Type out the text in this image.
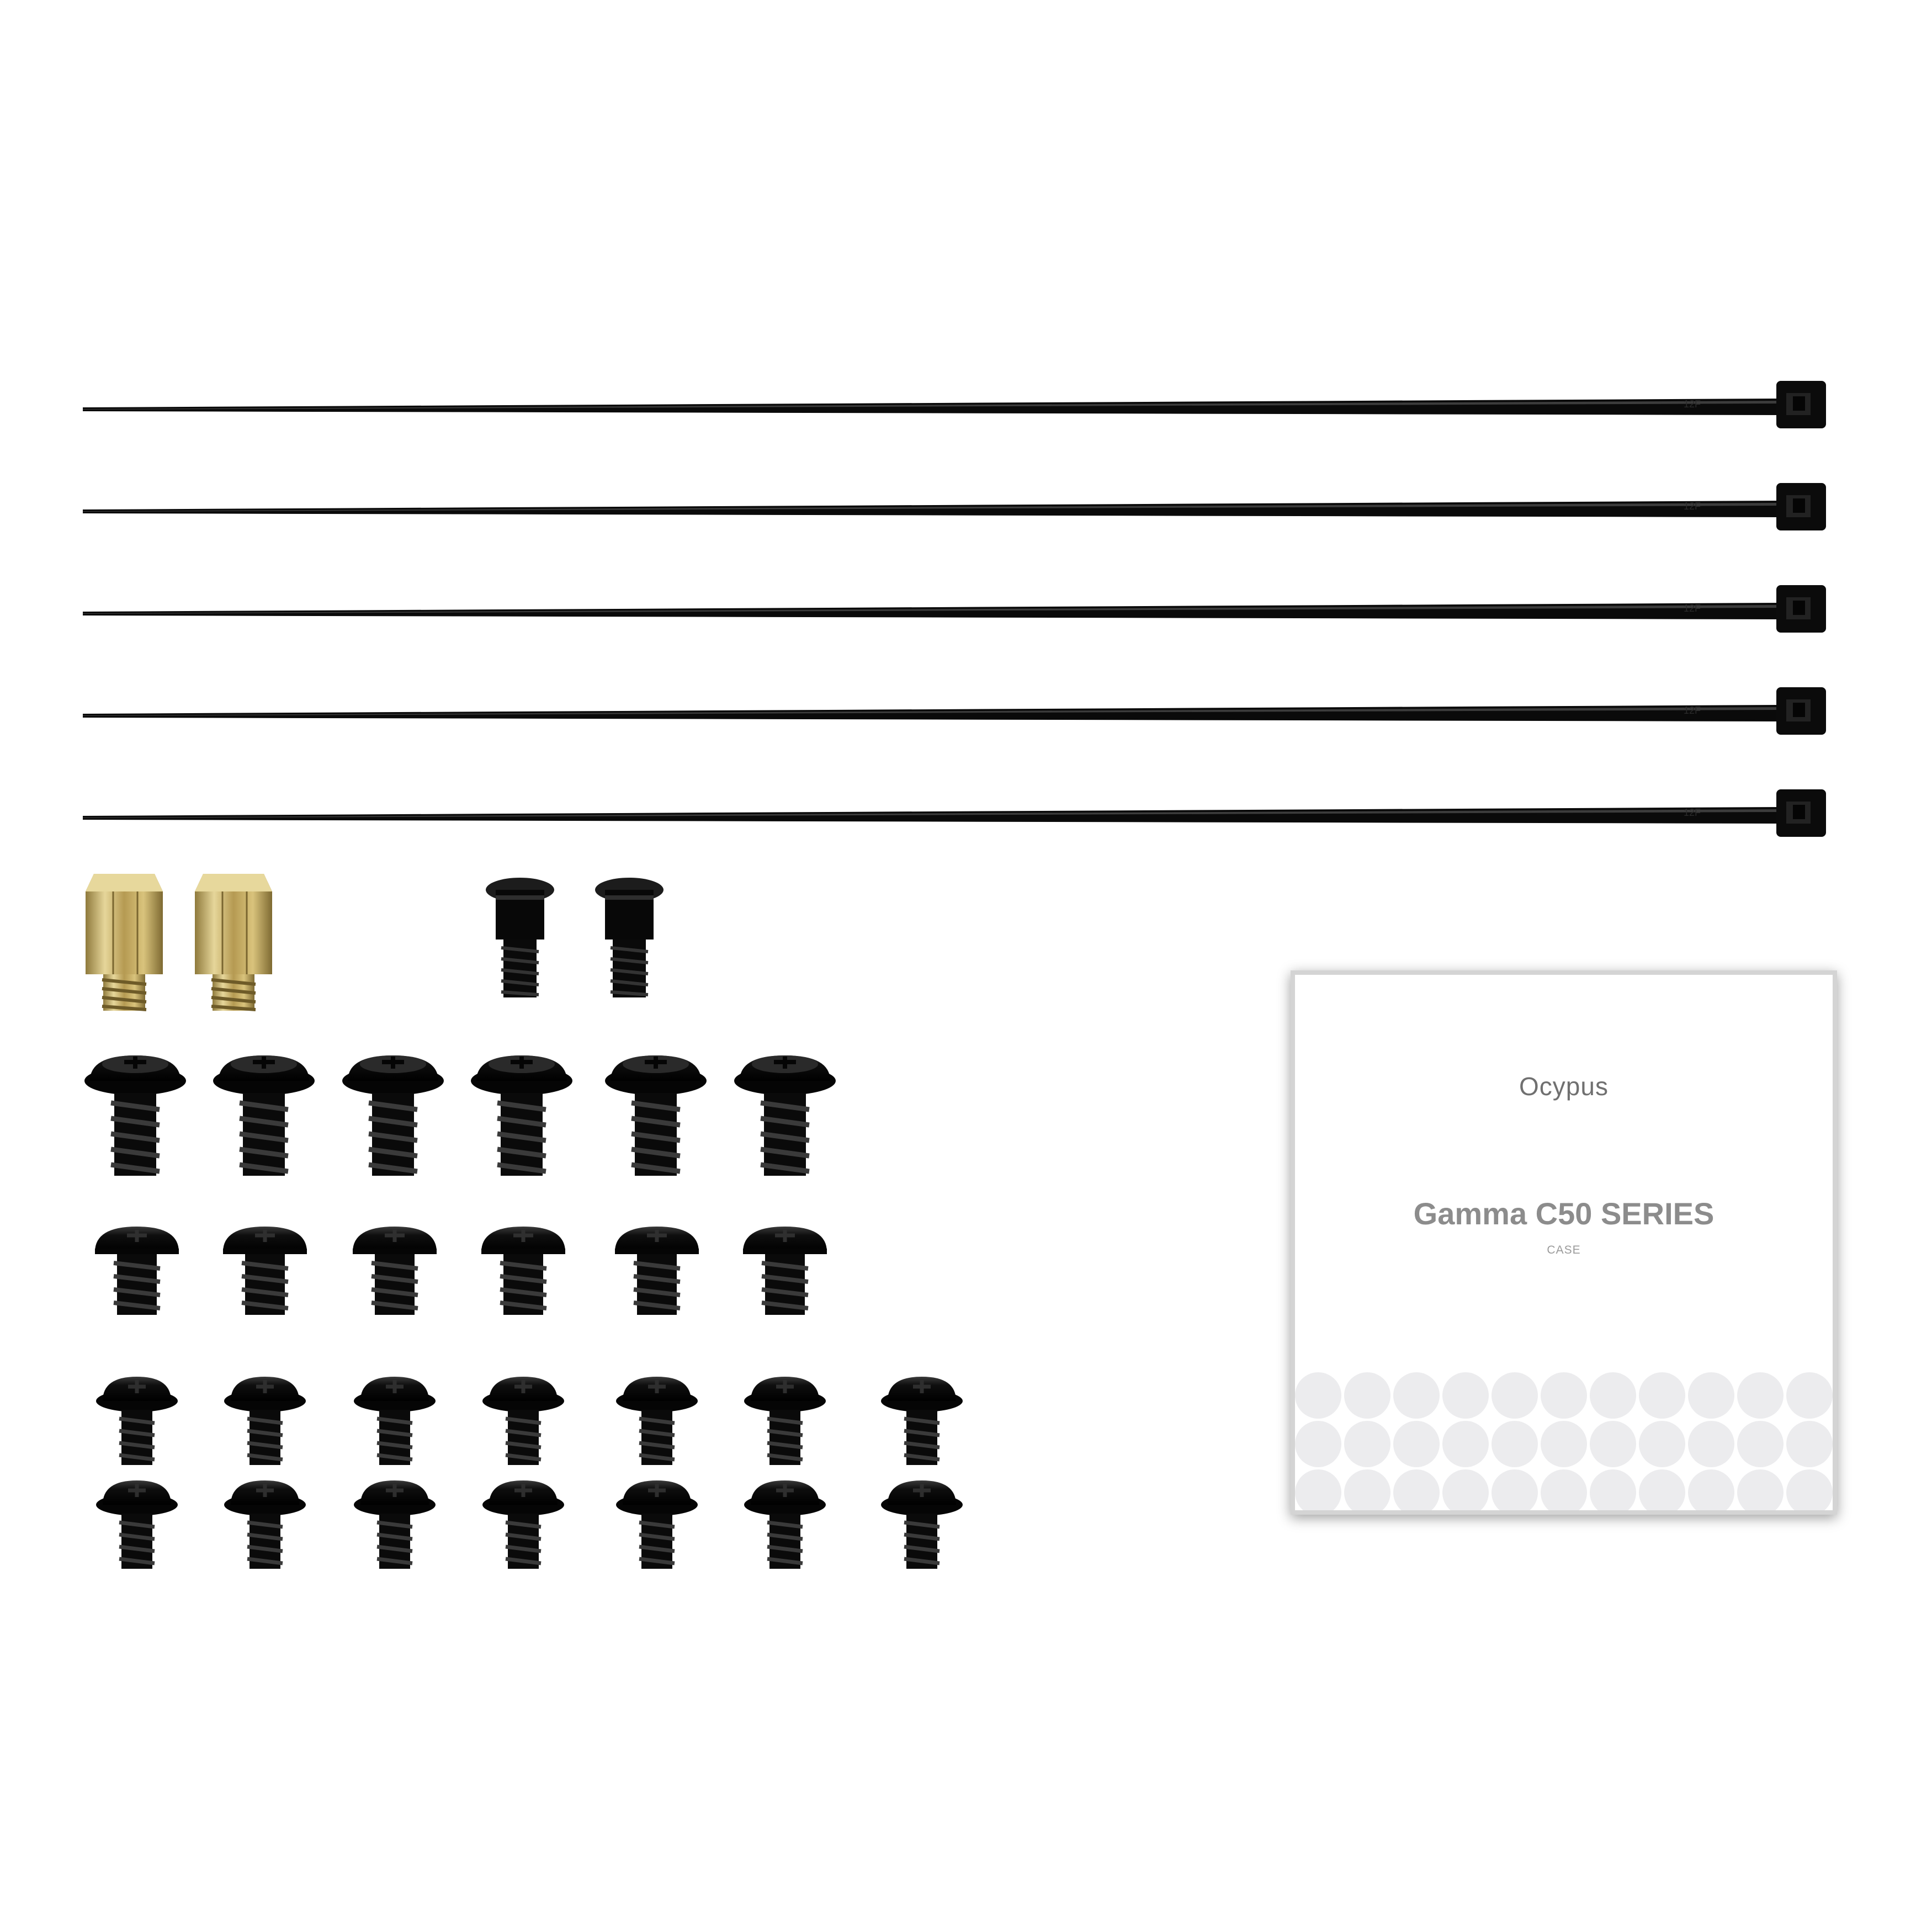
Ocypus
Gamma C50 SERIES
CASE
